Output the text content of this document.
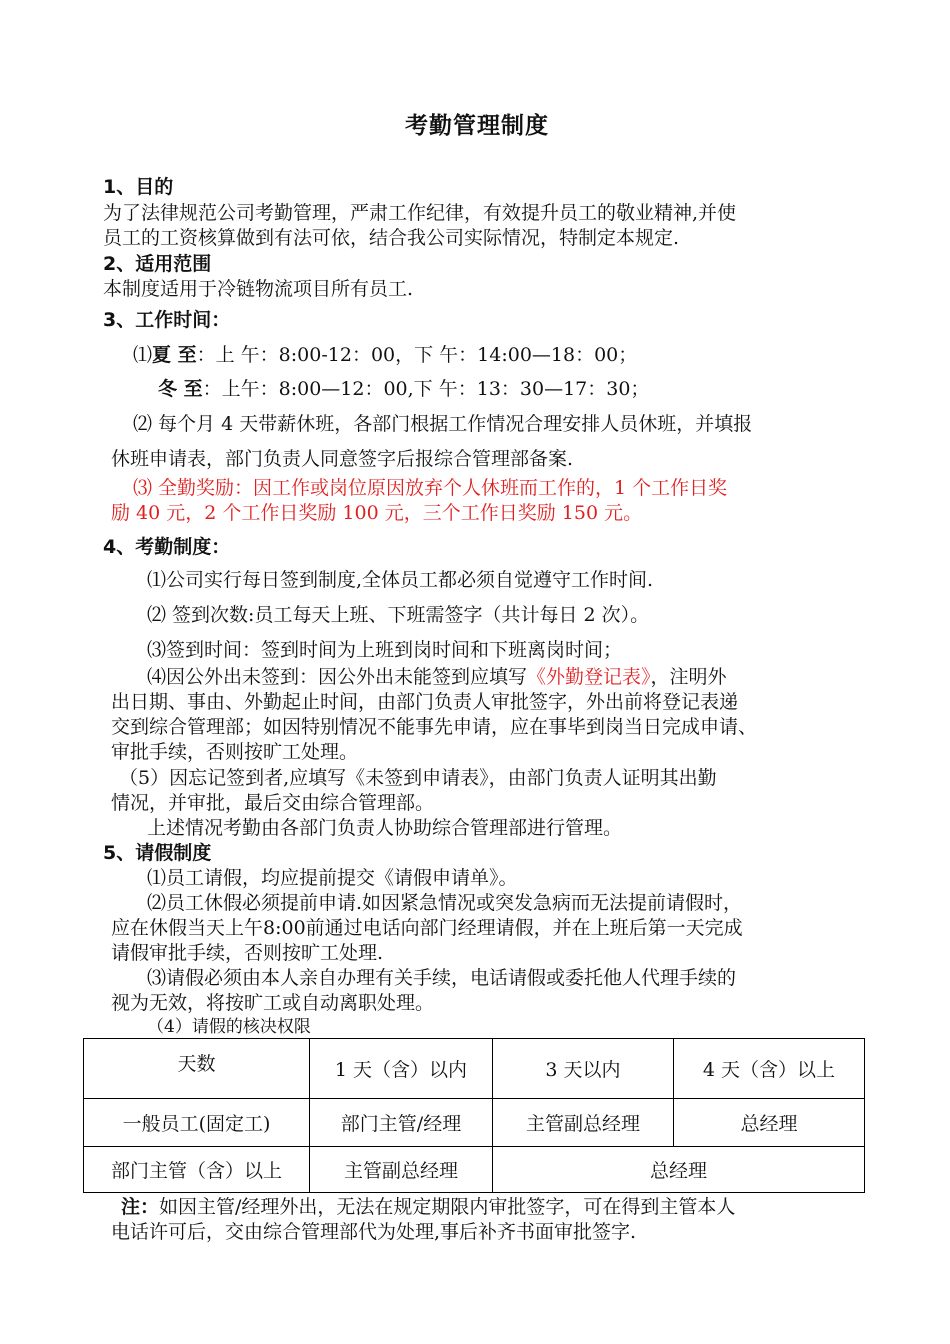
考勤管理制度
1、目的
为了法律规范公司考勤管理，严肃工作纪律，有效提升员工的敬业精神,并使
员工的工资核算做到有法可依，结合我公司实际情况，特制定本规定.
2、适用范围
本制度适用于冷链物流项目所有员工.
3、工作时间：
⑴夏 至：上 午：8:00-12：00，下 午：14:00—18：00；
冬 至：上午：8:00—12：00,下 午：13：30—17：30；
⑵ 每个月 4 天带薪休班，各部门根据工作情况合理安排人员休班，并填报
休班申请表，部门负责人同意签字后报综合管理部备案.
⑶ 全勤奖励：因工作或岗位原因放弃个人休班而工作的，1 个工作日奖
励 40 元，2 个工作日奖励 100 元，三个工作日奖励 150 元。
4、考勤制度：
⑴公司实行每日签到制度,全体员工都必须自觉遵守工作时间.
⑵ 签到次数:员工每天上班、下班需签字（共计每日 2 次）。
⑶签到时间：签到时间为上班到岗时间和下班离岗时间；
⑷因公外出未签到：因公外出未能签到应填写《外勤登记表》，注明外
出日期、事由、外勤起止时间，由部门负责人审批签字，外出前将登记表递
交到综合管理部；如因特别情况不能事先申请，应在事毕到岗当日完成申请、
审批手续，否则按旷工处理。
（5）因忘记签到者,应填写《未签到申请表》，由部门负责人证明其出勤
情况，并审批，最后交由综合管理部。
上述情况考勤由各部门负责人协助综合管理部进行管理。
5、请假制度
⑴员工请假，均应提前提交《请假申请单》。
⑵员工休假必须提前申请.如因紧急情况或突发急病而无法提前请假时，
应在休假当天上午8:00前通过电话向部门经理请假，并在上班后第一天完成
请假审批手续，否则按旷工处理.
⑶请假必须由本人亲自办理有关手续，电话请假或委托他人代理手续的
视为无效，将按旷工或自动离职处理。
（4）请假的核决权限
天数	1 天（含）以内	3 天以内	4 天（含）以上
一般员工(固定工)	部门主管/经理	主管副总经理	总经理
部门主管（含）以上	主管副总经理	总经理	
注：如因主管/经理外出，无法在规定期限内审批签字，可在得到主管本人
电话许可后，交由综合管理部代为处理,事后补齐书面审批签字.
